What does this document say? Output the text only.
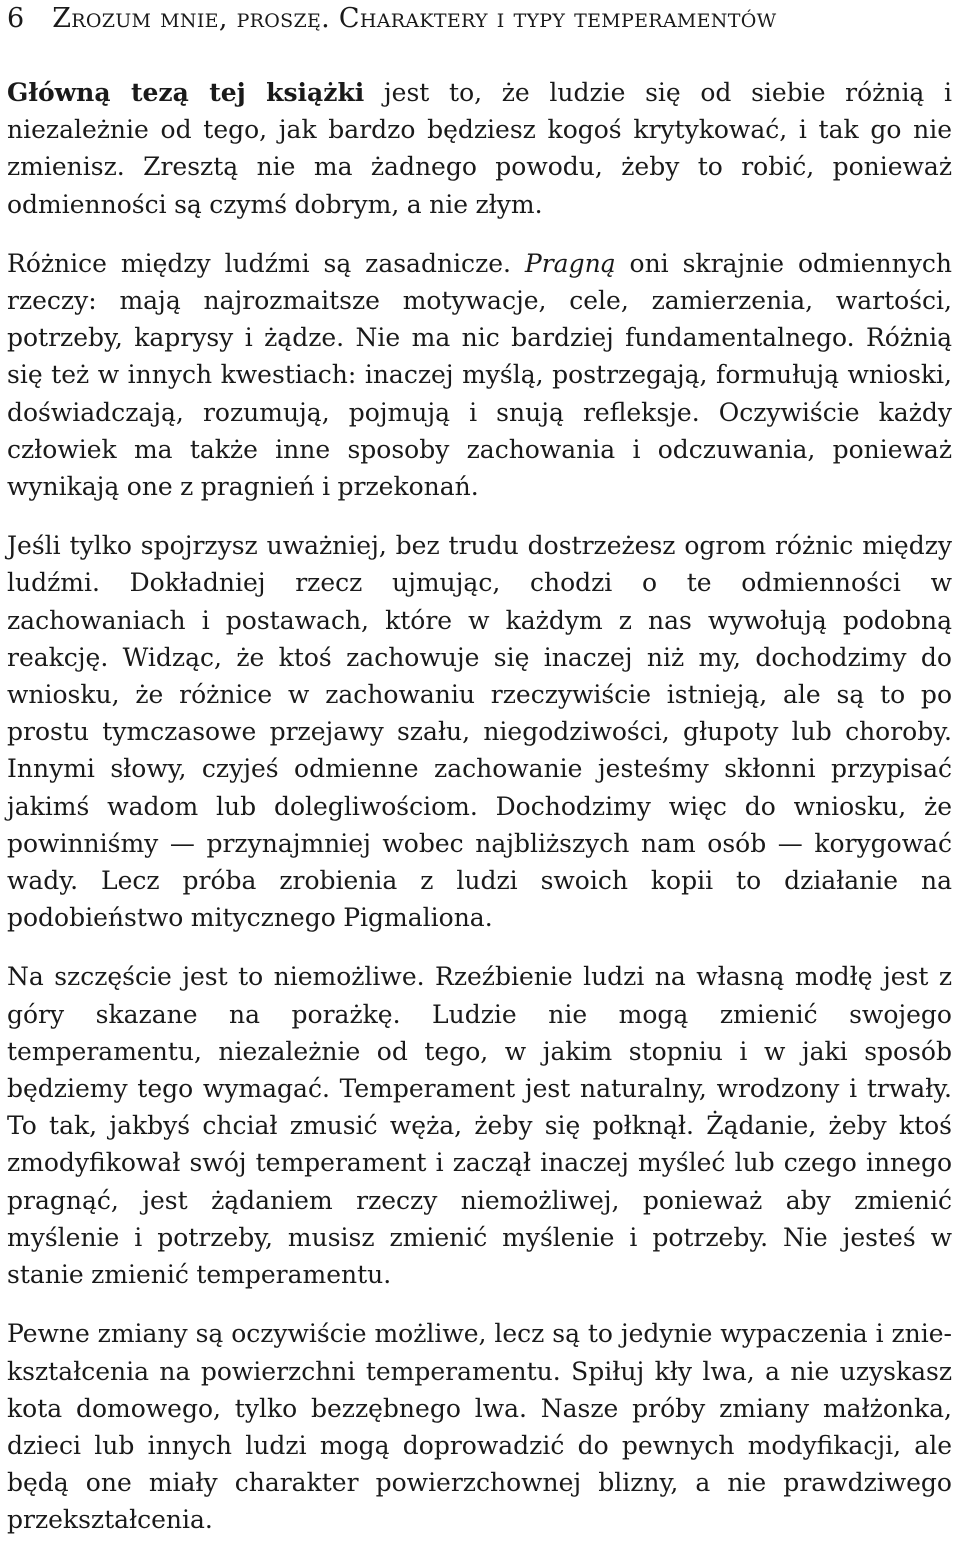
6 Zrozum mnie, proszę. Charaktery i typy temperamentów

Główną tezą tej książki jest to, że ludzie się od siebie różnią i niezależnie od tego, jak bardzo będziesz kogoś krytykować, i tak go nie zmienisz. Zresztą nie ma żadnego powodu, żeby to robić, ponieważ odmienności są czymś dobrym, a nie złym.

Różnice między ludźmi są zasadnicze. Pragną oni skrajnie odmiennych rzeczy: mają najrozmaitsze motywacje, cele, zamierzenia, wartości, potrzeby, kaprysy i żądze. Nie ma nic bardziej fundamentalnego. Różnią się też w innych kwestiach: inaczej myślą, postrzegają, formułują wnioski, doświadczają, rozumują, pojmują i snują refleksje. Oczywiście każdy człowiek ma także inne sposoby zachowania i odczuwania, ponieważ wynikają one z pragnień i przekonań.

Jeśli tylko spojrzysz uważniej, bez trudu dostrzeżesz ogrom różnic między ludźmi. Dokładniej rzecz ujmując, chodzi o te odmienności w zachowaniach i postawach, które w każdym z nas wywołują podobną reakcję. Widząc, że ktoś zachowuje się inaczej niż my, dochodzimy do wniosku, że różnice w zachowaniu rzeczywiście istnieją, ale są to po prostu tymczasowe przejawy szału, niegodziwości, głupoty lub choroby. Innymi słowy, czyjeś odmienne zachowanie jesteśmy skłonni przypisać jakimś wadom lub dolegliwościom. Dochodzimy więc do wniosku, że powinniśmy — przynajmniej wobec najbliższych nam osób — korygować wady. Lecz próba zrobienia z ludzi swoich kopii to działanie na podobieństwo mitycznego Pigmaliona.

Na szczęście jest to niemożliwe. Rzeźbienie ludzi na własną modłę jest z góry skazane na porażkę. Ludzie nie mogą zmienić swojego temperamentu, niezależnie od tego, w jakim stopniu i w jaki sposób będziemy tego wymagać. Temperament jest naturalny, wrodzony i trwały. To tak, jakbyś chciał zmusić węża, żeby się połknął. Żądanie, żeby ktoś zmodyfikował swój temperament i zaczął inaczej myśleć lub czego innego pragnąć, jest żądaniem rzeczy niemożliwej, ponieważ aby zmienić myślenie i potrzeby, musisz zmienić myślenie i potrzeby. Nie jesteś w stanie zmienić temperamentu.

Pewne zmiany są oczywiście możliwe, lecz są to jedynie wypaczenia i zniekształcenia na powierzchni temperamentu. Spiłuj kły lwa, a nie uzyskasz kota domowego, tylko bezzębnego lwa. Nasze próby zmiany małżonka, dzieci lub innych ludzi mogą doprowadzić do pewnych modyfikacji, ale będą one miały charakter powierzchownej blizny, a nie prawdziwego przekształcenia.
